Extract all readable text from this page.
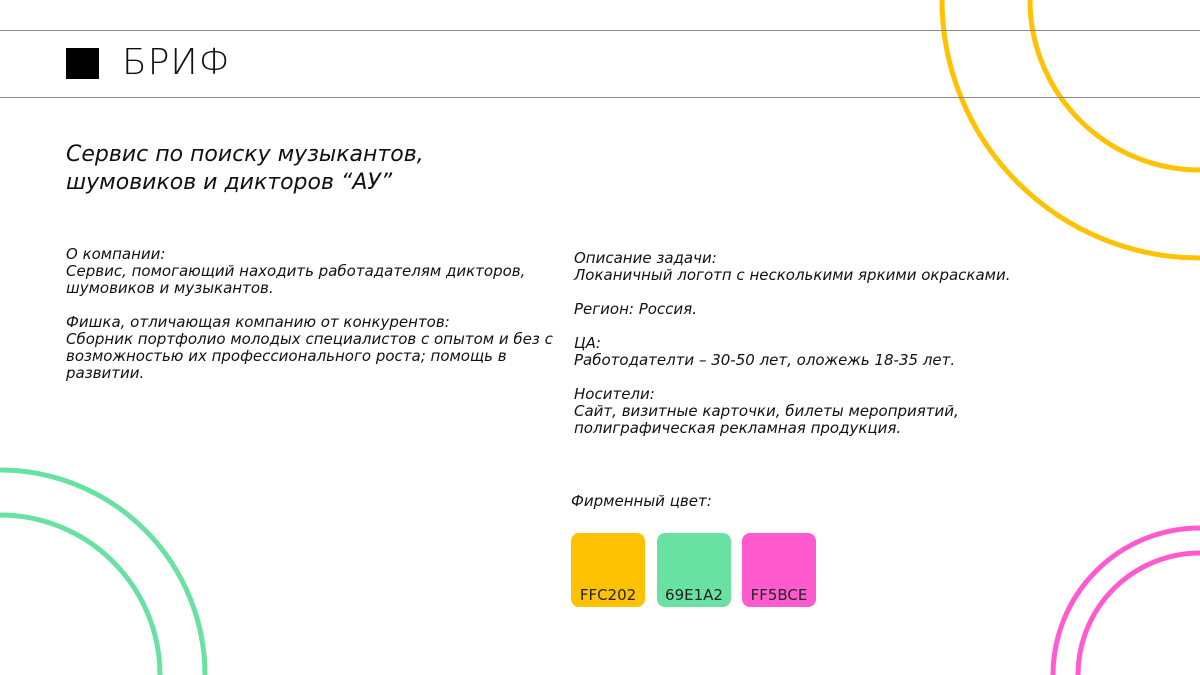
БРИФ
Сервис по поиску музыкантов,
шумовиков и дикторов “АУ”
О компании:
Сервис, помогающий находить работадателям дикторов,
шумовиков и музыкантов.
Фишка, отличающая компанию от конкурентов:
Сборник портфолио молодых специалистов с опытом и без с
возможностью их профессионального роста; помощь в
развитии.
Описание задачи:
Локаничный логотп с несколькими яркими окрасками.
Регион: Россия.
ЦА:
Работодателти – 30-50 лет, оложежь 18-35 лет.
Носители:
Сайт, визитные карточки, билеты мероприятий,
полиграфическая рекламная продукция.
Фирменный цвет:
FFC202	69E1A2	FF5BCE
